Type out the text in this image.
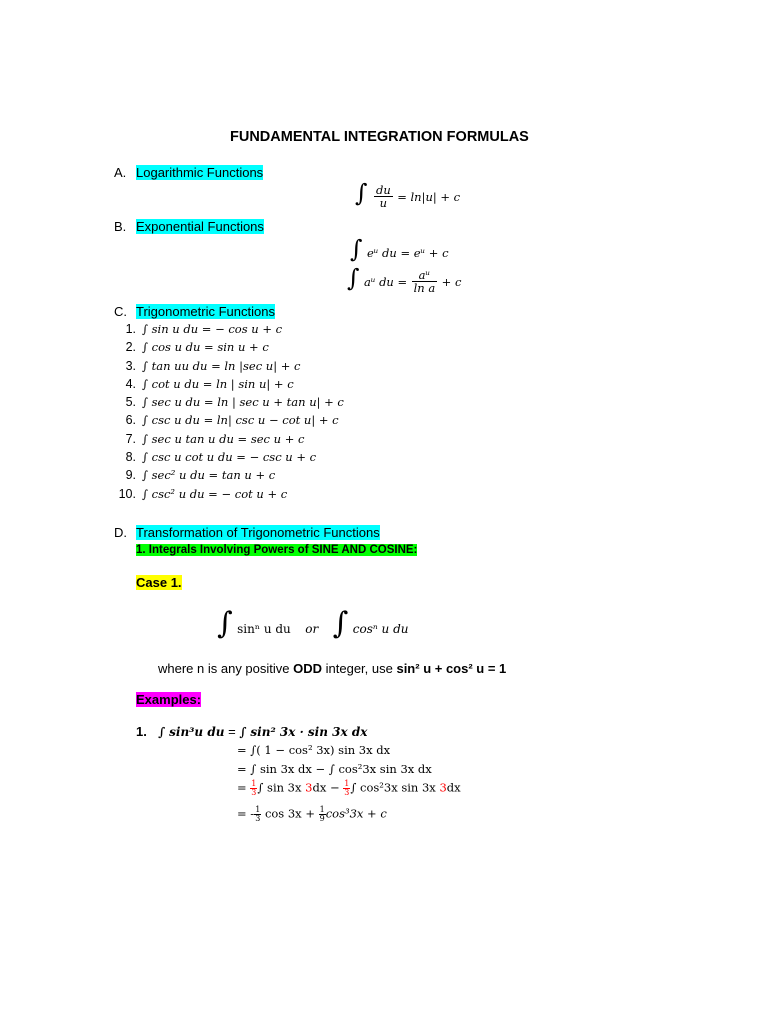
FUNDAMENTAL INTEGRATION FORMULAS
A. Logarithmic Functions
∫ $\frac{du}{u} = \ln|u| + c$
B. Exponential Functions
∫ eᵘ du = eᵘ + c
∫ aᵘ du = $\frac{\text{aᵘ}}{\text{ln a}} + c$
C. Trigonometric Functions
1. ∫ sin u du = − cos u + c
2. ∫ cos u du = sin u + c
3. ∫ tan uu du = ln |sec u| + c
4. ∫ cot u du = ln | sin u| + c
5. ∫ sec u du = ln | sec u + tan u| + c
6. ∫ csc u du = ln| csc u − cot u| + c
7. ∫ sec u tan u du = sec u + c
8. ∫ csc u cot u du = − csc u + c
9. ∫ sec² u du = tan u + c
10. ∫ csc² u du = − cot u + c
D. Transformation of Trigonometric Functions
1. Integrals Involving Powers of SINE AND COSINE:
Case 1.
∫ sinⁿ u du or ∫ cosⁿ u du
where n is any positive ODD integer, use sin² u + cos² u = 1
Examples:
1. ∫ sin³u du = ∫ sin² 3x · sin 3x dx
= ∫( 1 − cos² 3x) sin 3x dx
= ∫ sin 3x dx − ∫ cos²3x sin 3x dx
= $\frac{1}{3}$ ∫ sin 3x $3dx - \frac{1}{3}$ ∫ cos²3x sin 3x 3dx
= - $\frac{1}{3}$ $\cos 3x + \frac{1}{9} \cos^33x + c$
